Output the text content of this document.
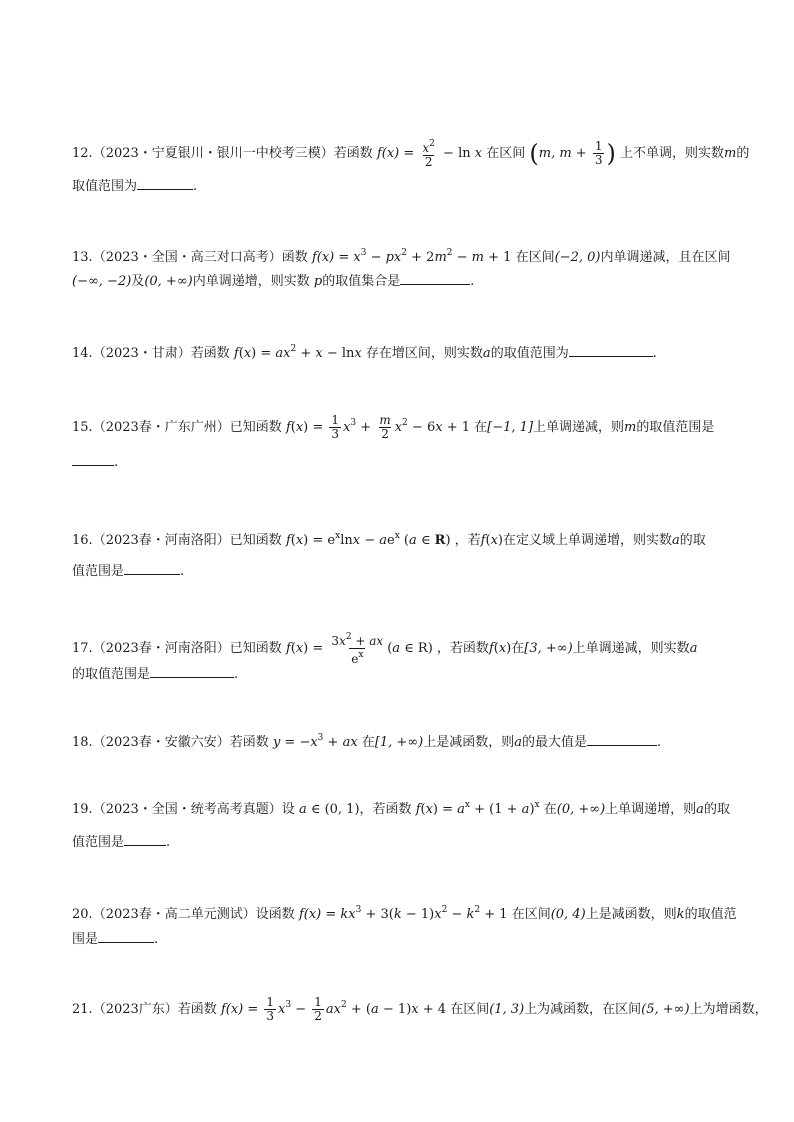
12.（2023・宁夏银川・银川一中校考三模）若函数 $f(x) = \frac{x^2}{2} - \ln x$ 在区间 (m, $m + \frac{1}{3}$ ) 上不单调，则实数m的
取值范围为	.
13.（2023・全国・高三对口高考）函数 $f(x) = x^3 - px^2 + 2m^2 - m + 1$ 在区间(−2, 0)内单调递减，且在区间
(−∞, −2)及(0, +∞)内单调递增，则实数 p的取值集合是	.
14.（2023・甘肃）若函数 $f(x) = ax^2 + x - \ln x$ 存在增区间，则实数a的取值范围为	.
15.（2023春・广东广州）已知函数 $f(x) = \frac{1}{3} x^3 + \frac{m}{2} x^2 - 6x + 1$ 在[−1, 1]上单调递减，则m的取值范围是
.
16.（2023春・河南洛阳）已知函数 $f(x) = e^x\ln x - ae^x$ (a ∈ R) ，若f(x)在定义域上单调递增，则实数a的取
值范围是	.
17.（2023春・河南洛阳）已知函数 $f(x) = \frac{3x^2 + ax}{e^x} (a$ ∈ R) ，若函数f(x)在[3, +∞)上单调递减，则实数a
的取值范围是	.
18.（2023春・安徽六安）若函数 $y = -x^3$ + ax 在[1, +∞)上是减函数，则a的最大值是	.
19.（2023・全国・统考高考真题）设 a ∈ (0, 1)，若函数 $f(x) = a^x + (1 + a)^x$ 在(0, +∞)上单调递增，则a的取
值范围是	.
20.（2023春・高二单元测试）设函数 $f(x) = kx^3 + 3(k - 1)x^2 - k^2 + 1$ 在区间(0, 4)上是减函数，则k的取值范
围是	.
21.（2023广东）若函数 $f(x) = \frac{1}{3} x^3 - \frac{1}{2} ax^2 + (a - 1)x + 4$ 在区间(1, 3)上为减函数，在区间(5, +∞)上为增函数，
